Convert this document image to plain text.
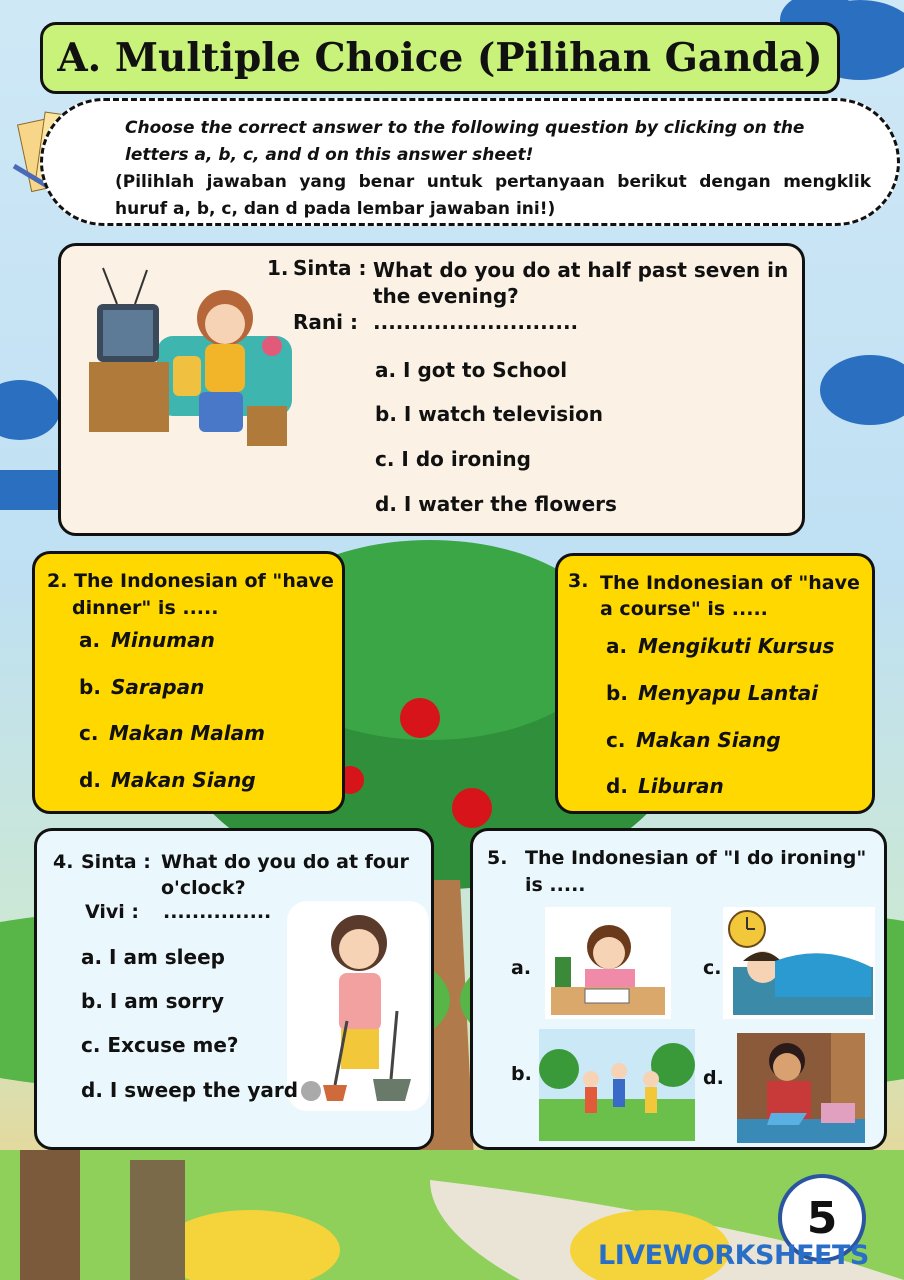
A. Multiple Choice (Pilihan Ganda)
Choose the correct answer to the following question by clicking on the letters a, b, c, and d on this answer sheet!
(Pilihlah jawaban yang benar untuk pertanyaan berikut dengan mengklik huruf a, b, c, dan d pada lembar jawaban ini!)
1. Sinta : What do you do at half past seven in
the evening?
Rani : ...........................
a. I got to School
b. I watch television
c. I do ironing
d. I water the flowers
2. The Indonesian of "have
dinner" is .....
a. Minuman
b. Sarapan
c. Makan Malam
d. Makan Siang
3. The Indonesian of "have
a course" is .....
a. Mengikuti Kursus
b. Menyapu Lantai
c. Makan Siang
d. Liburan
4. Sinta : What do you do at four
o'clock?
Vivi : ...............
a. I am sleep
b. I am sorry
c. Excuse me?
d. I sweep the yard
5. The Indonesian of "I do ironing"
is .....
a.	c.
b.	d.
5
LIVEWORKSHEETS
